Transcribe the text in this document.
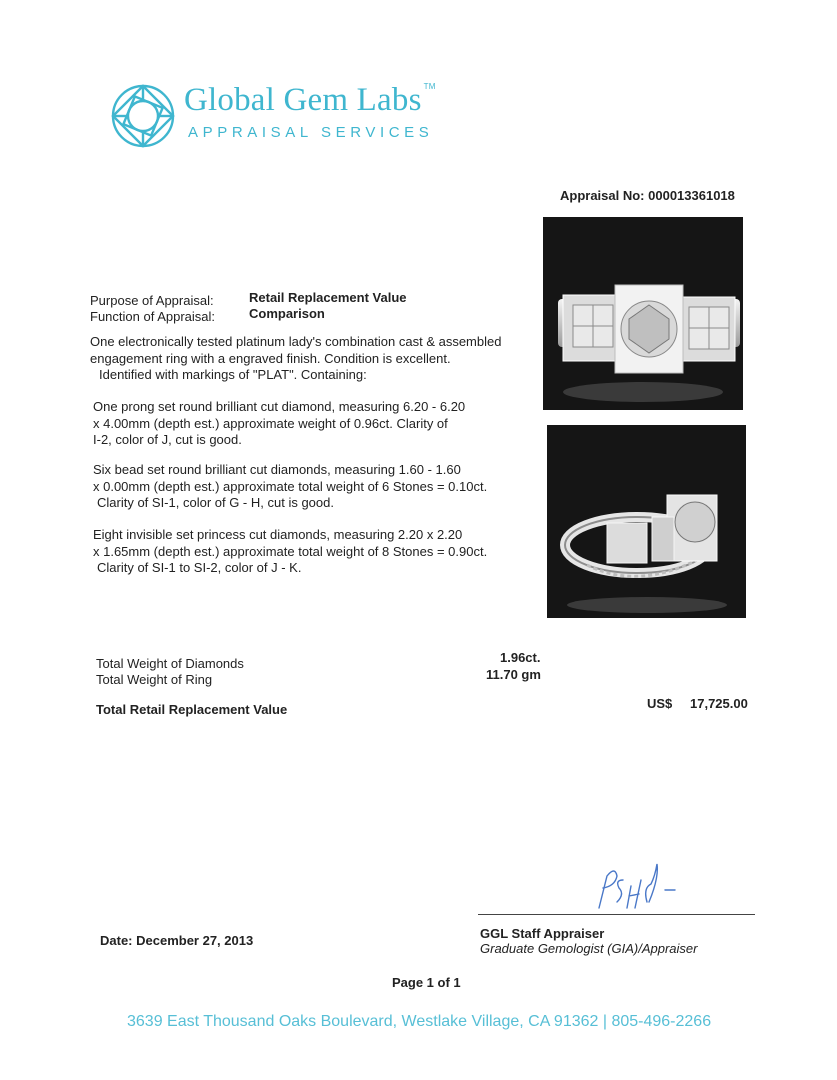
Global Gem Labs ™
APPRAISAL SERVICES
Appraisal No: 000013361018
Purpose of Appraisal:	Retail Replacement Value
Function of Appraisal:	Comparison
One electronically tested platinum lady's combination cast & assembled
engagement ring with a engraved finish. Condition is excellent.
Identified with markings of "PLAT". Containing:
One prong set round brilliant cut diamond, measuring 6.20 - 6.20
x 4.00mm (depth est.) approximate weight of 0.96ct. Clarity of
I-2, color of J, cut is good.
Six bead set round brilliant cut diamonds, measuring 1.60 - 1.60
x 0.00mm (depth est.) approximate total weight of 6 Stones = 0.10ct.
Clarity of SI-1, color of G - H, cut is good.
Eight invisible set princess cut diamonds, measuring 2.20 x 2.20
x 1.65mm (depth est.) approximate total weight of 8 Stones = 0.90ct.
Clarity of SI-1 to SI-2, color of J - K.
Total Weight of Diamonds	1.96ct.
Total Weight of Ring	11.70 gm
Total Retail Replacement Value	US$ 17,725.00
GGL Staff Appraiser
Graduate Gemologist (GIA)/Appraiser
Date: December 27, 2013
Page 1 of 1
3639 East Thousand Oaks Boulevard, Westlake Village, CA 91362 | 805-496-2266
